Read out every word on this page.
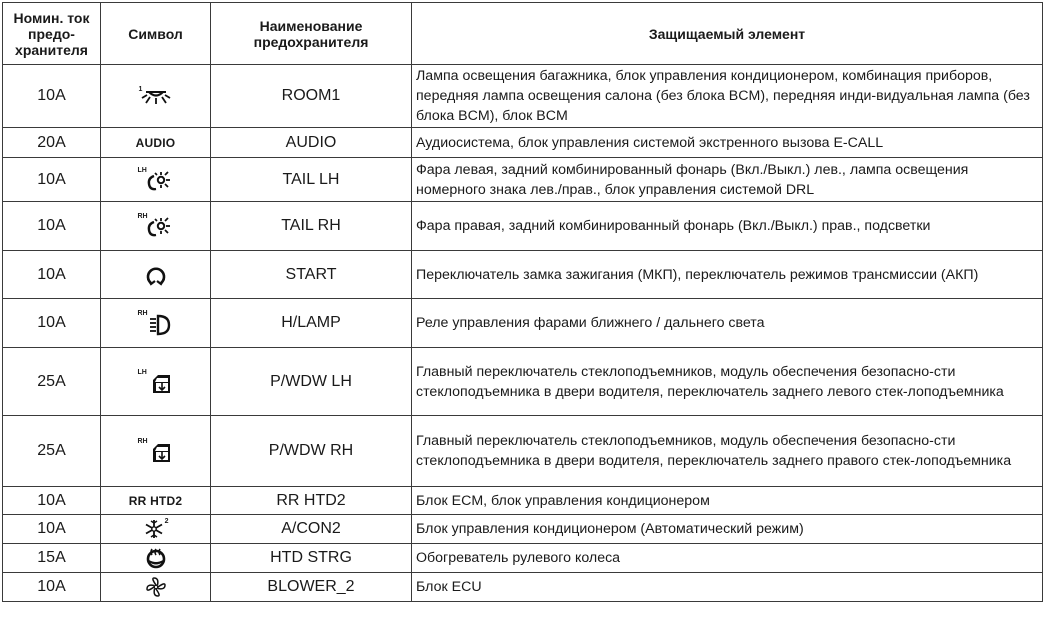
Номин. ток предо-хранителя	Символ	Наименование предохранителя	Защищаемый элемент
10A	1	ROOM1	Лампа освещения багажника, блок управления кондиционером, комбинация приборов, передняя лампа освещения салона (без блока BCM), передняя инди-видуальная лампа (без блока BCM), блок BCM
20A	AUDIO	AUDIO	Аудиосистема, блок управления системой экстренного вызова E-CALL
10A	LH	TAIL LH	Фара левая, задний комбинированный фонарь (Вкл./Выкл.) лев., лампа освещения номерного знака лев./прав., блок управления системой DRL
10A	RH	TAIL RH	Фара правая, задний комбинированный фонарь (Вкл./Выкл.) прав., подсветки
10A		START	Переключатель замка зажигания (МКП), переключатель режимов трансмиссии (АКП)
10A	RH	H/LAMP	Реле управления фарами ближнего / дальнего света
25A	LH	P/WDW LH	Главный переключатель стеклоподъемников, модуль обеспечения безопасно-сти стеклоподъемника в двери водителя, переключатель заднего левого стек-лоподъемника
25A	RH	P/WDW RH	Главный переключатель стеклоподъемников, модуль обеспечения безопасно-сти стеклоподъемника в двери водителя, переключатель заднего правого стек-лоподъемника
10A	RR HTD2	RR HTD2	Блок ECM, блок управления кондиционером
10A	2	A/CON2	Блок управления кондиционером (Автоматический режим)
15A		HTD STRG	Обогреватель рулевого колеса
10A		BLOWER_2	Блок ECU
